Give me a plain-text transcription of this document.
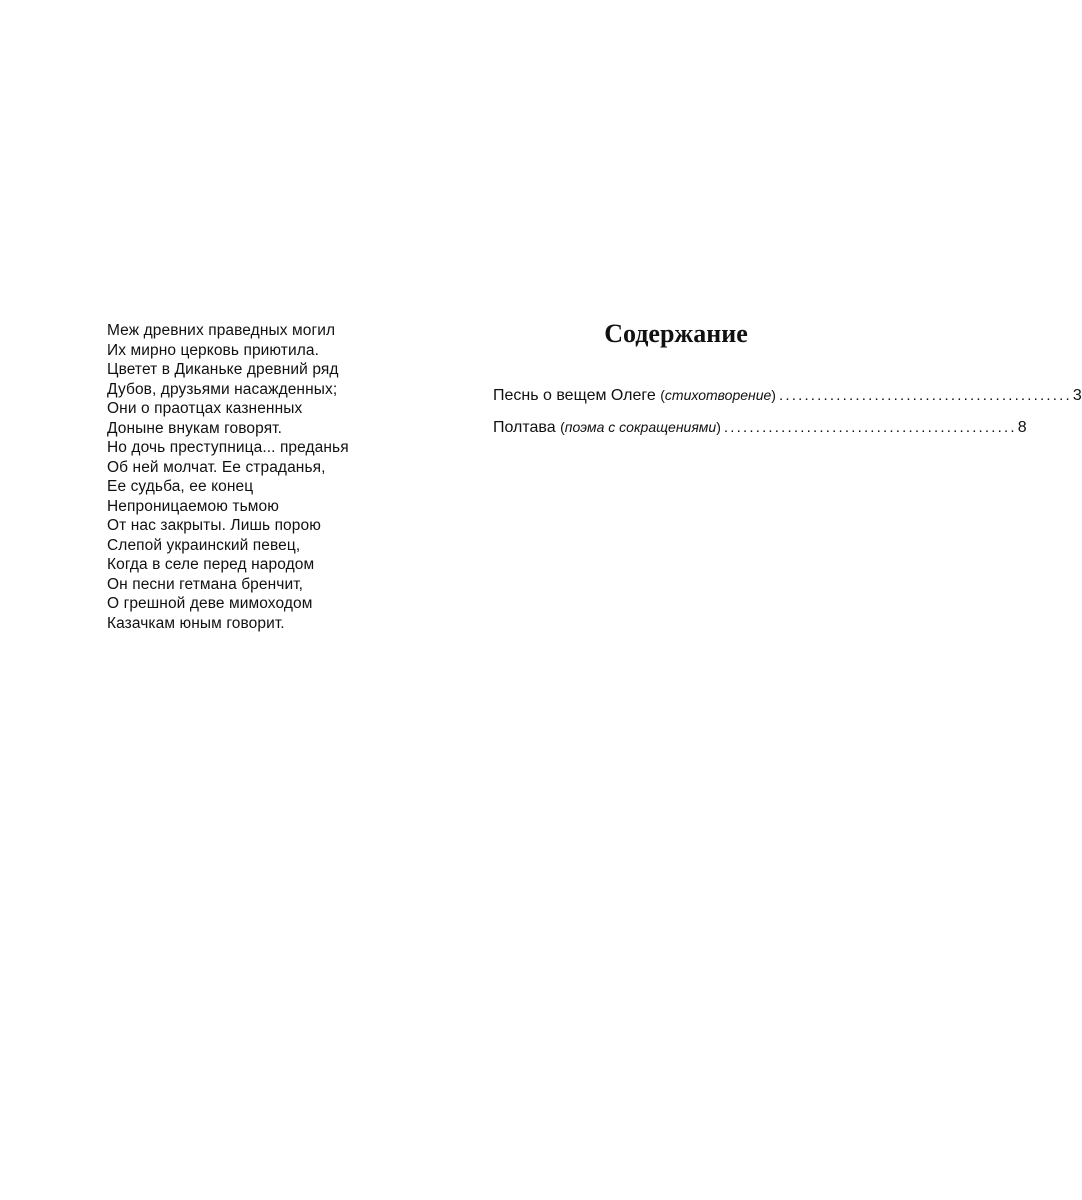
Меж древних праведных могил
Их мирно церковь приютила.
Цветет в Диканьке древний ряд
Дубов, друзьями насажденных;
Они о праотцах казненных
Доныне внукам говорят.
Но дочь преступница... преданья
Об ней молчат. Ее страданья,
Ее судьба, ее конец
Непроницаемою тьмою
От нас закрыты. Лишь порою
Слепой украинский певец,
Когда в селе перед народом
Он песни гетмана бренчит,
О грешной деве мимоходом
Казачкам юным говорит.
Содержание
Песнь о вещем Олеге (стихотворение) .............................................. 3
Полтава (поэма с сокращениями) .............................................. 8
